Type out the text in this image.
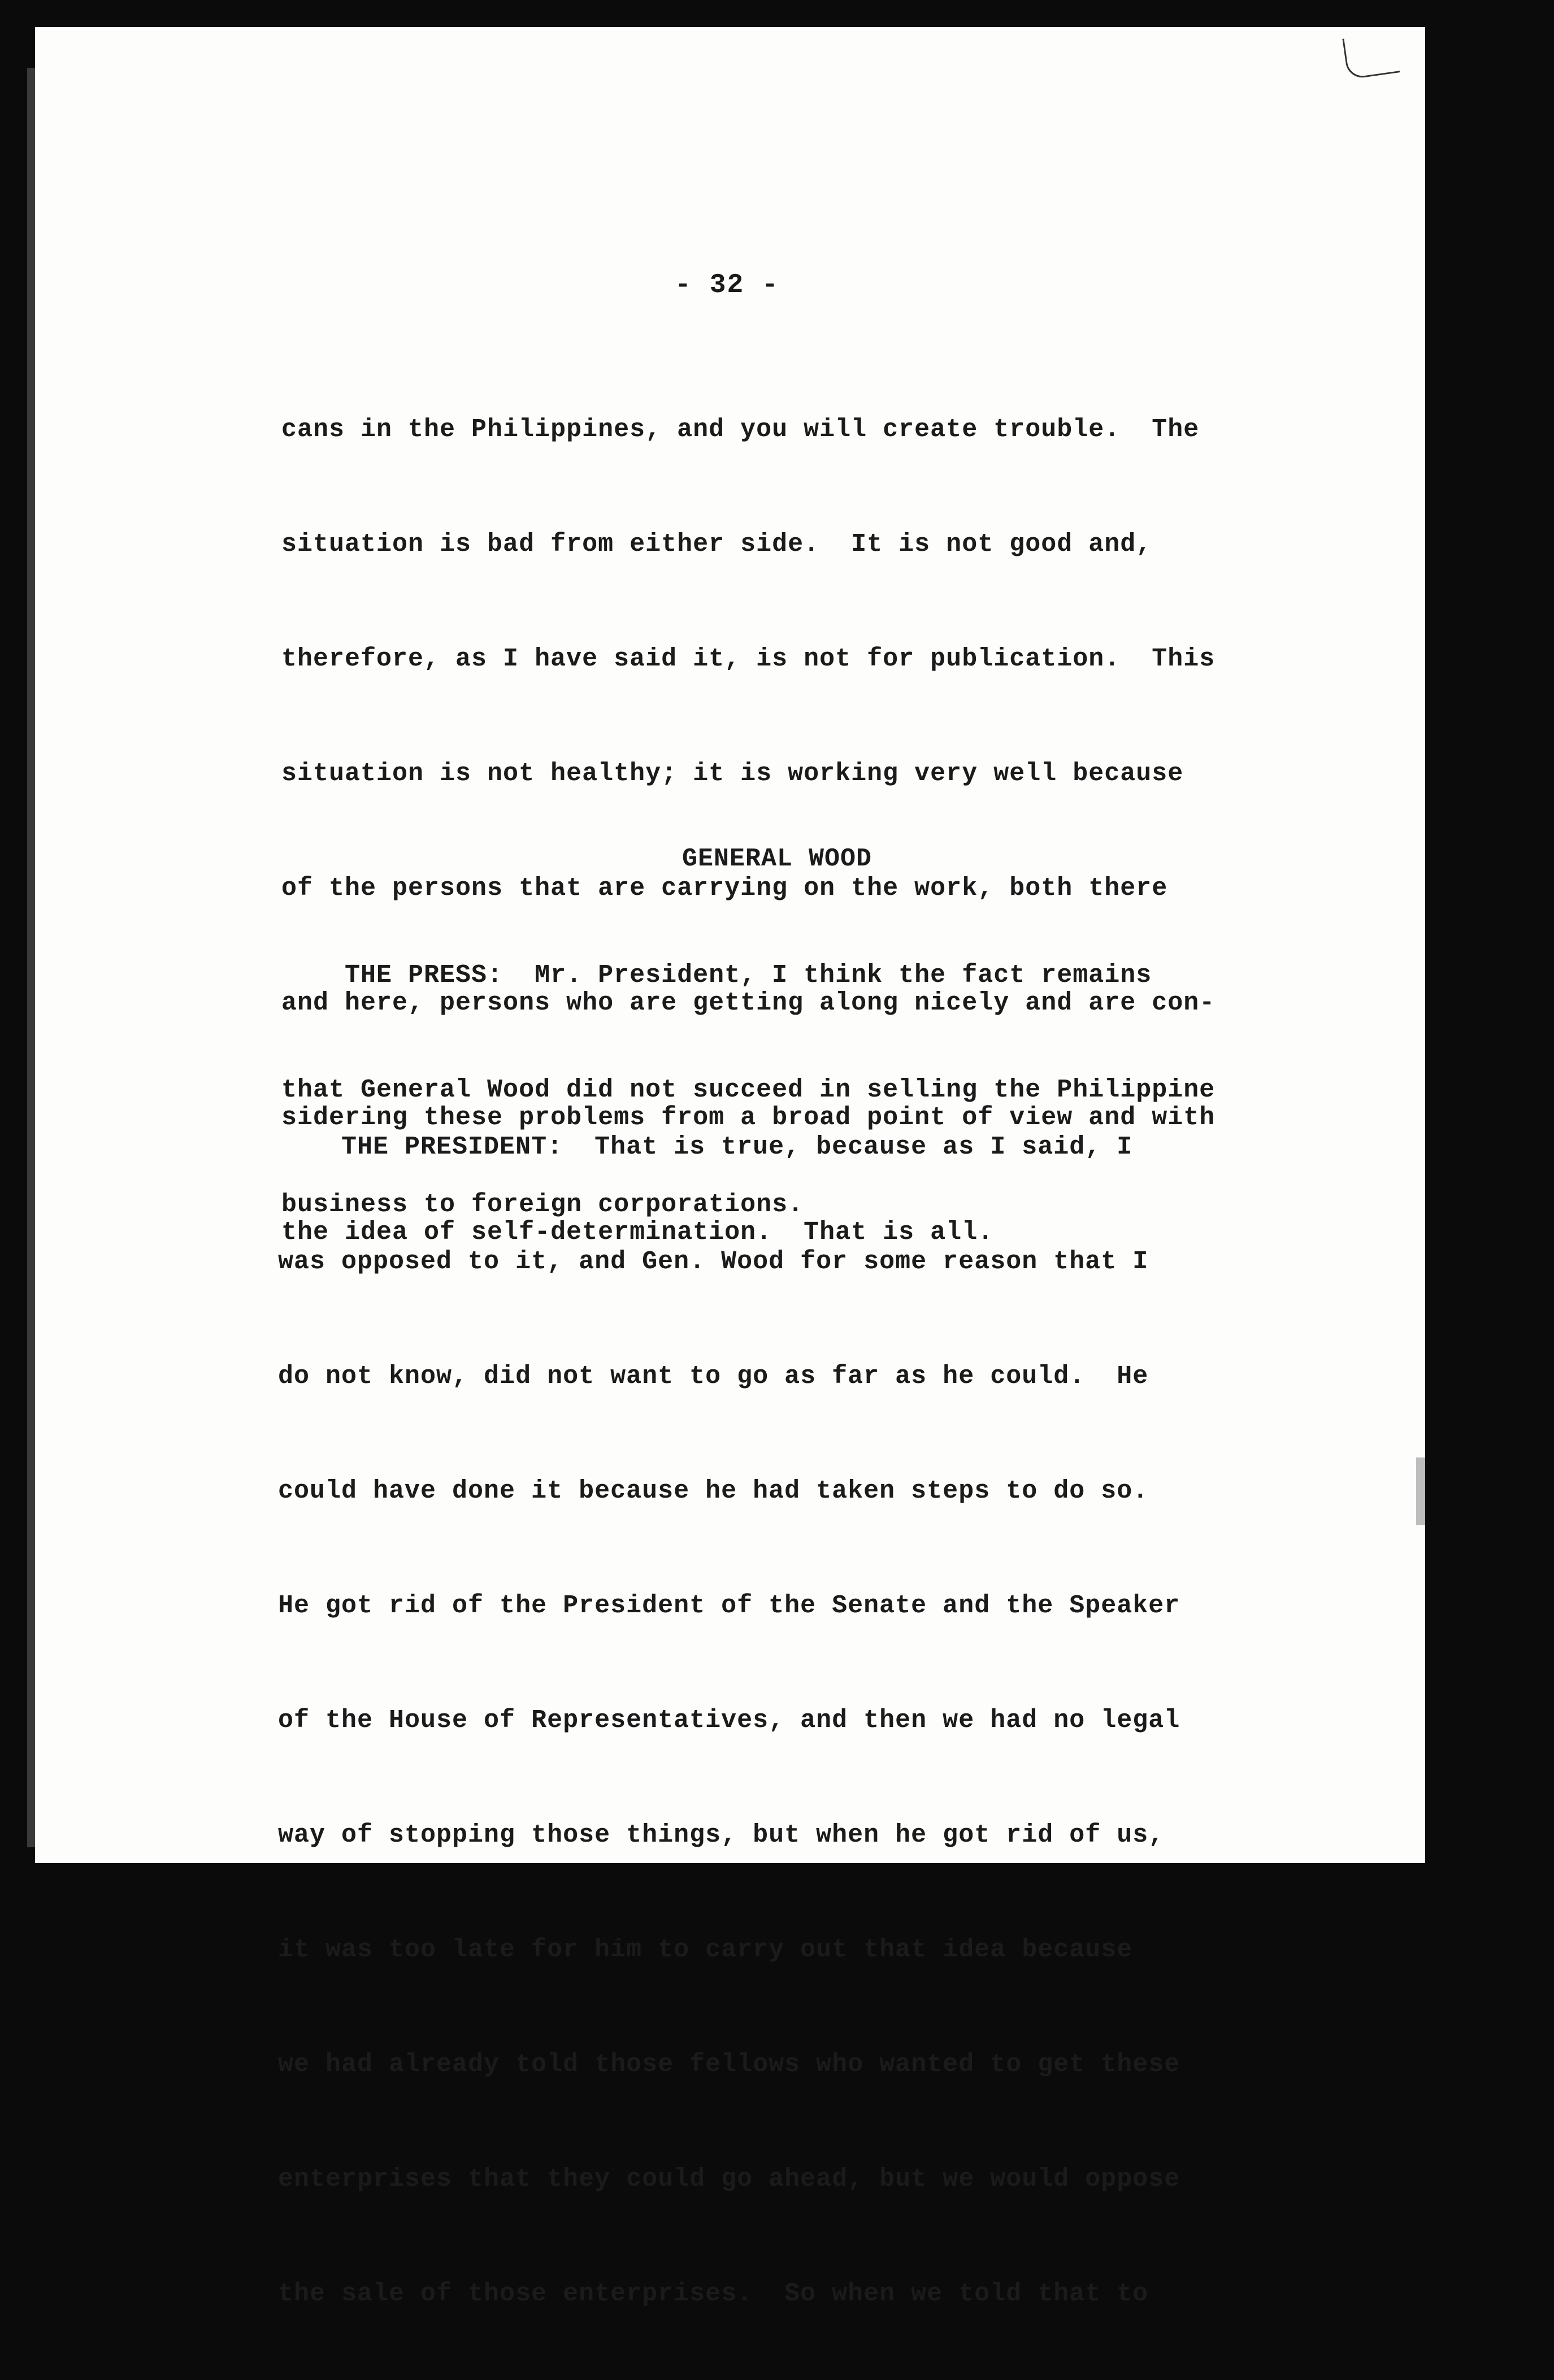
- 32 -

cans in the Philippines, and you will create trouble.  The

situation is bad from either side.  It is not good and,

therefore, as I have said it, is not for publication.  This

situation is not healthy; it is working very well because

of the persons that are carrying on the work, both there

and here, persons who are getting along nicely and are con-

sidering these problems from a broad point of view and with

the idea of self-determination.  That is all.

GENERAL WOOD

THE PRESS:  Mr. President, I think the fact remains

that General Wood did not succeed in selling the Philippine

business to foreign corporations.

THE PRESIDENT:  That is true, because as I said, I

was opposed to it, and Gen. Wood for some reason that I

do not know, did not want to go as far as he could.  He

could have done it because he had taken steps to do so.

He got rid of the President of the Senate and the Speaker

of the House of Representatives, and then we had no legal

way of stopping those things, but when he got rid of us,

it was too late for him to carry out that idea because

we had already told those fellows who wanted to get these

enterprises that they could go ahead, but we would oppose

the sale of those enterprises.  So when we told that to
